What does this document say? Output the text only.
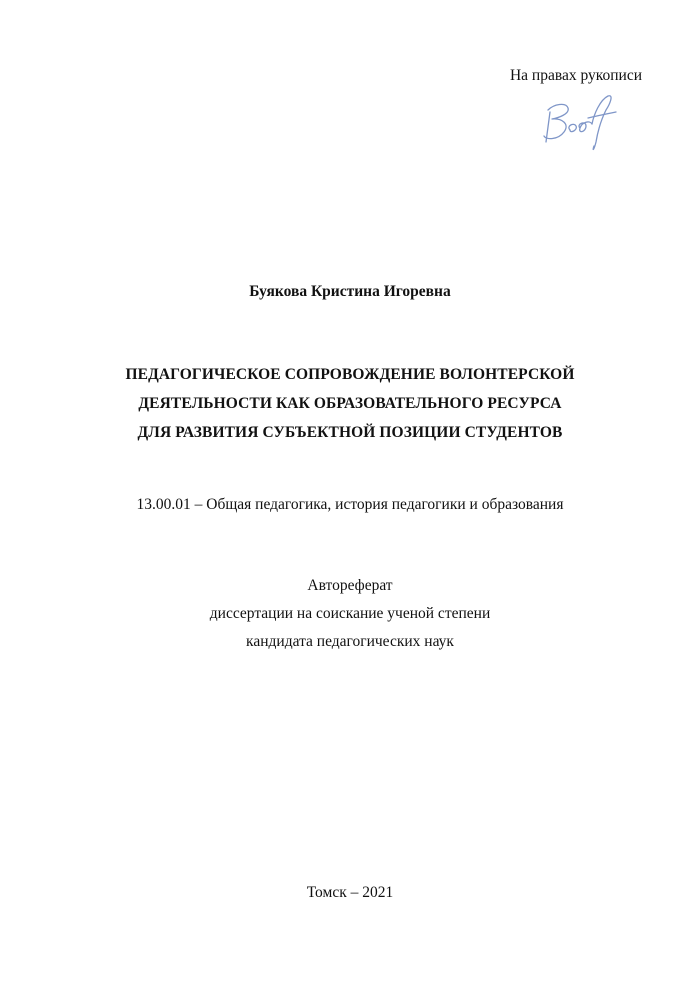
На правах рукописи
Буякова Кристина Игоревна
ПЕДАГОГИЧЕСКОЕ СОПРОВОЖДЕНИЕ ВОЛОНТЕРСКОЙ
ДЕЯТЕЛЬНОСТИ КАК ОБРАЗОВАТЕЛЬНОГО РЕСУРСА
ДЛЯ РАЗВИТИЯ СУБЪЕКТНОЙ ПОЗИЦИИ СТУДЕНТОВ
13.00.01 – Общая педагогика, история педагогики и образования
Автореферат
диссертации на соискание ученой степени
кандидата педагогических наук
Томск – 2021
